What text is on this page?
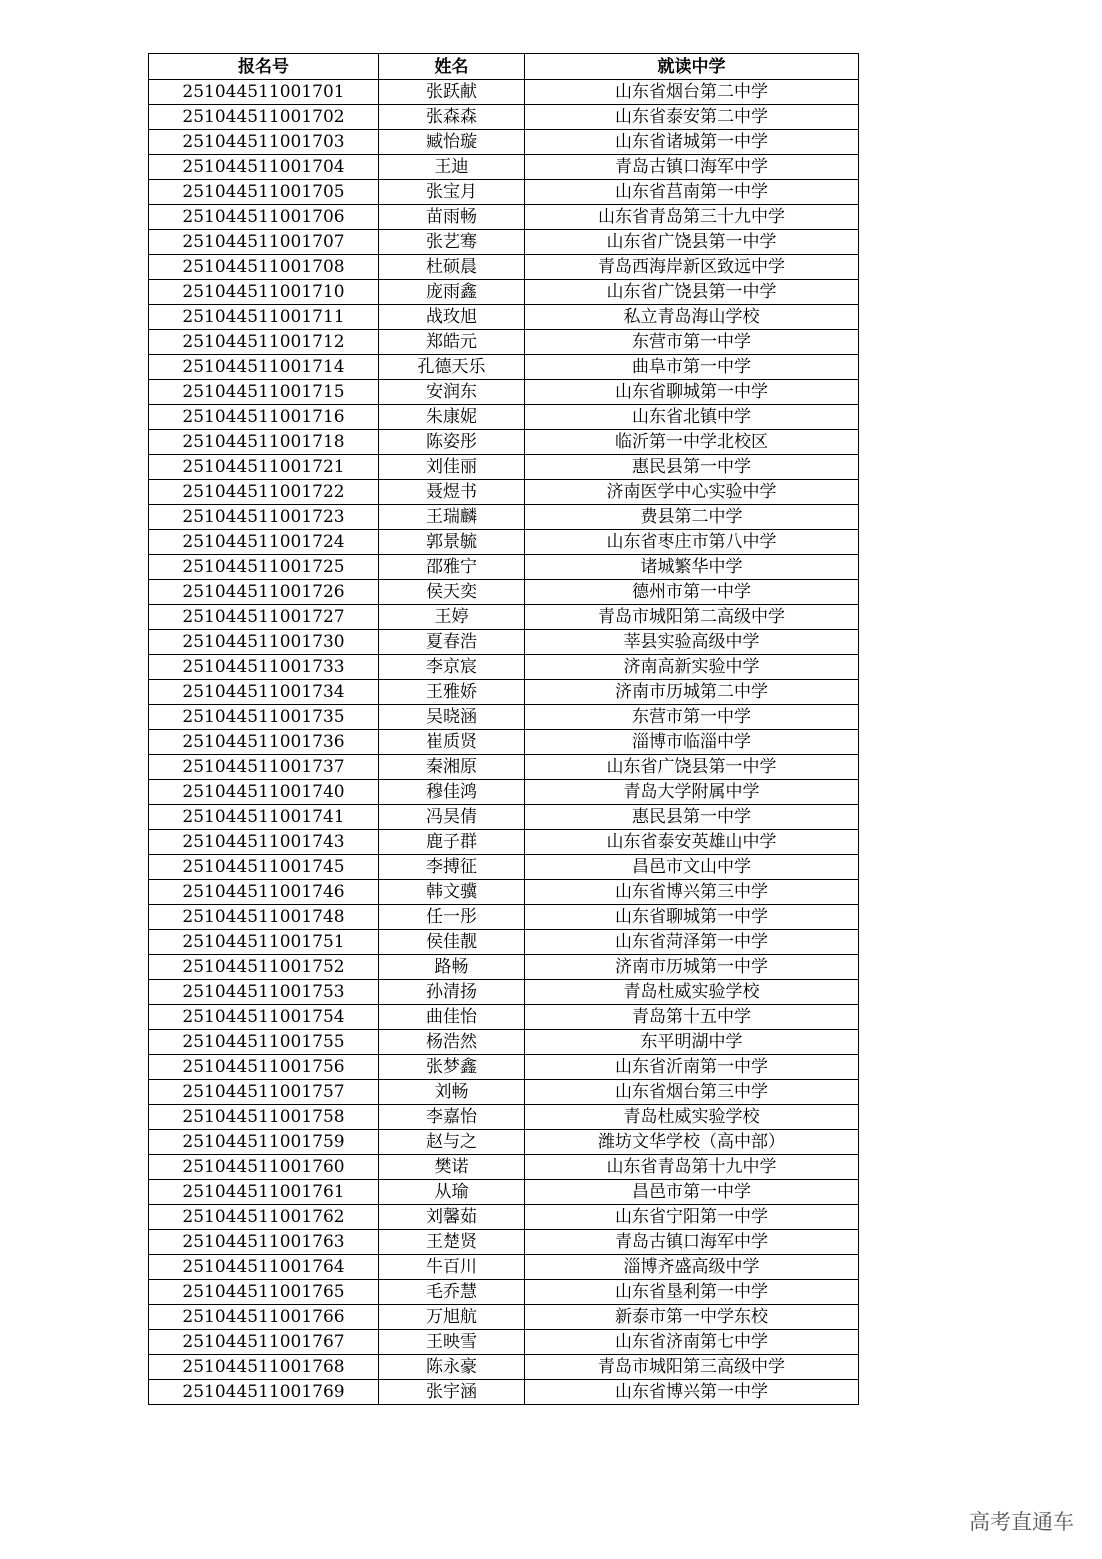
报名号	姓名	就读中学
251044511001701	张跃献	山东省烟台第二中学
251044511001702	张森森	山东省泰安第二中学
251044511001703	臧怡璇	山东省诸城第一中学
251044511001704	王迪	青岛古镇口海军中学
251044511001705	张宝月	山东省莒南第一中学
251044511001706	苗雨畅	山东省青岛第三十九中学
251044511001707	张艺骞	山东省广饶县第一中学
251044511001708	杜硕晨	青岛西海岸新区致远中学
251044511001710	庞雨鑫	山东省广饶县第一中学
251044511001711	战玫旭	私立青岛海山学校
251044511001712	郑皓元	东营市第一中学
251044511001714	孔德天乐	曲阜市第一中学
251044511001715	安润东	山东省聊城第一中学
251044511001716	朱康妮	山东省北镇中学
251044511001718	陈姿彤	临沂第一中学北校区
251044511001721	刘佳丽	惠民县第一中学
251044511001722	聂煜书	济南医学中心实验中学
251044511001723	王瑞麟	费县第二中学
251044511001724	郭景毓	山东省枣庄市第八中学
251044511001725	邵雅宁	诸城繁华中学
251044511001726	侯天奕	德州市第一中学
251044511001727	王婷	青岛市城阳第二高级中学
251044511001730	夏春浩	莘县实验高级中学
251044511001733	李京宸	济南高新实验中学
251044511001734	王雅娇	济南市历城第二中学
251044511001735	吴晓涵	东营市第一中学
251044511001736	崔质贤	淄博市临淄中学
251044511001737	秦湘原	山东省广饶县第一中学
251044511001740	穆佳鸿	青岛大学附属中学
251044511001741	冯昊倩	惠民县第一中学
251044511001743	鹿子群	山东省泰安英雄山中学
251044511001745	李搏征	昌邑市文山中学
251044511001746	韩文骥	山东省博兴第三中学
251044511001748	任一彤	山东省聊城第一中学
251044511001751	侯佳靓	山东省菏泽第一中学
251044511001752	路畅	济南市历城第一中学
251044511001753	孙清扬	青岛杜威实验学校
251044511001754	曲佳怡	青岛第十五中学
251044511001755	杨浩然	东平明湖中学
251044511001756	张梦鑫	山东省沂南第一中学
251044511001757	刘畅	山东省烟台第三中学
251044511001758	李嘉怡	青岛杜威实验学校
251044511001759	赵与之	潍坊文华学校（高中部）
251044511001760	樊诺	山东省青岛第十九中学
251044511001761	从瑜	昌邑市第一中学
251044511001762	刘馨茹	山东省宁阳第一中学
251044511001763	王楚贤	青岛古镇口海军中学
251044511001764	牛百川	淄博齐盛高级中学
251044511001765	毛乔慧	山东省垦利第一中学
251044511001766	万旭航	新泰市第一中学东校
251044511001767	王映雪	山东省济南第七中学
251044511001768	陈永豪	青岛市城阳第三高级中学
251044511001769	张宇涵	山东省博兴第一中学
高考直通车
